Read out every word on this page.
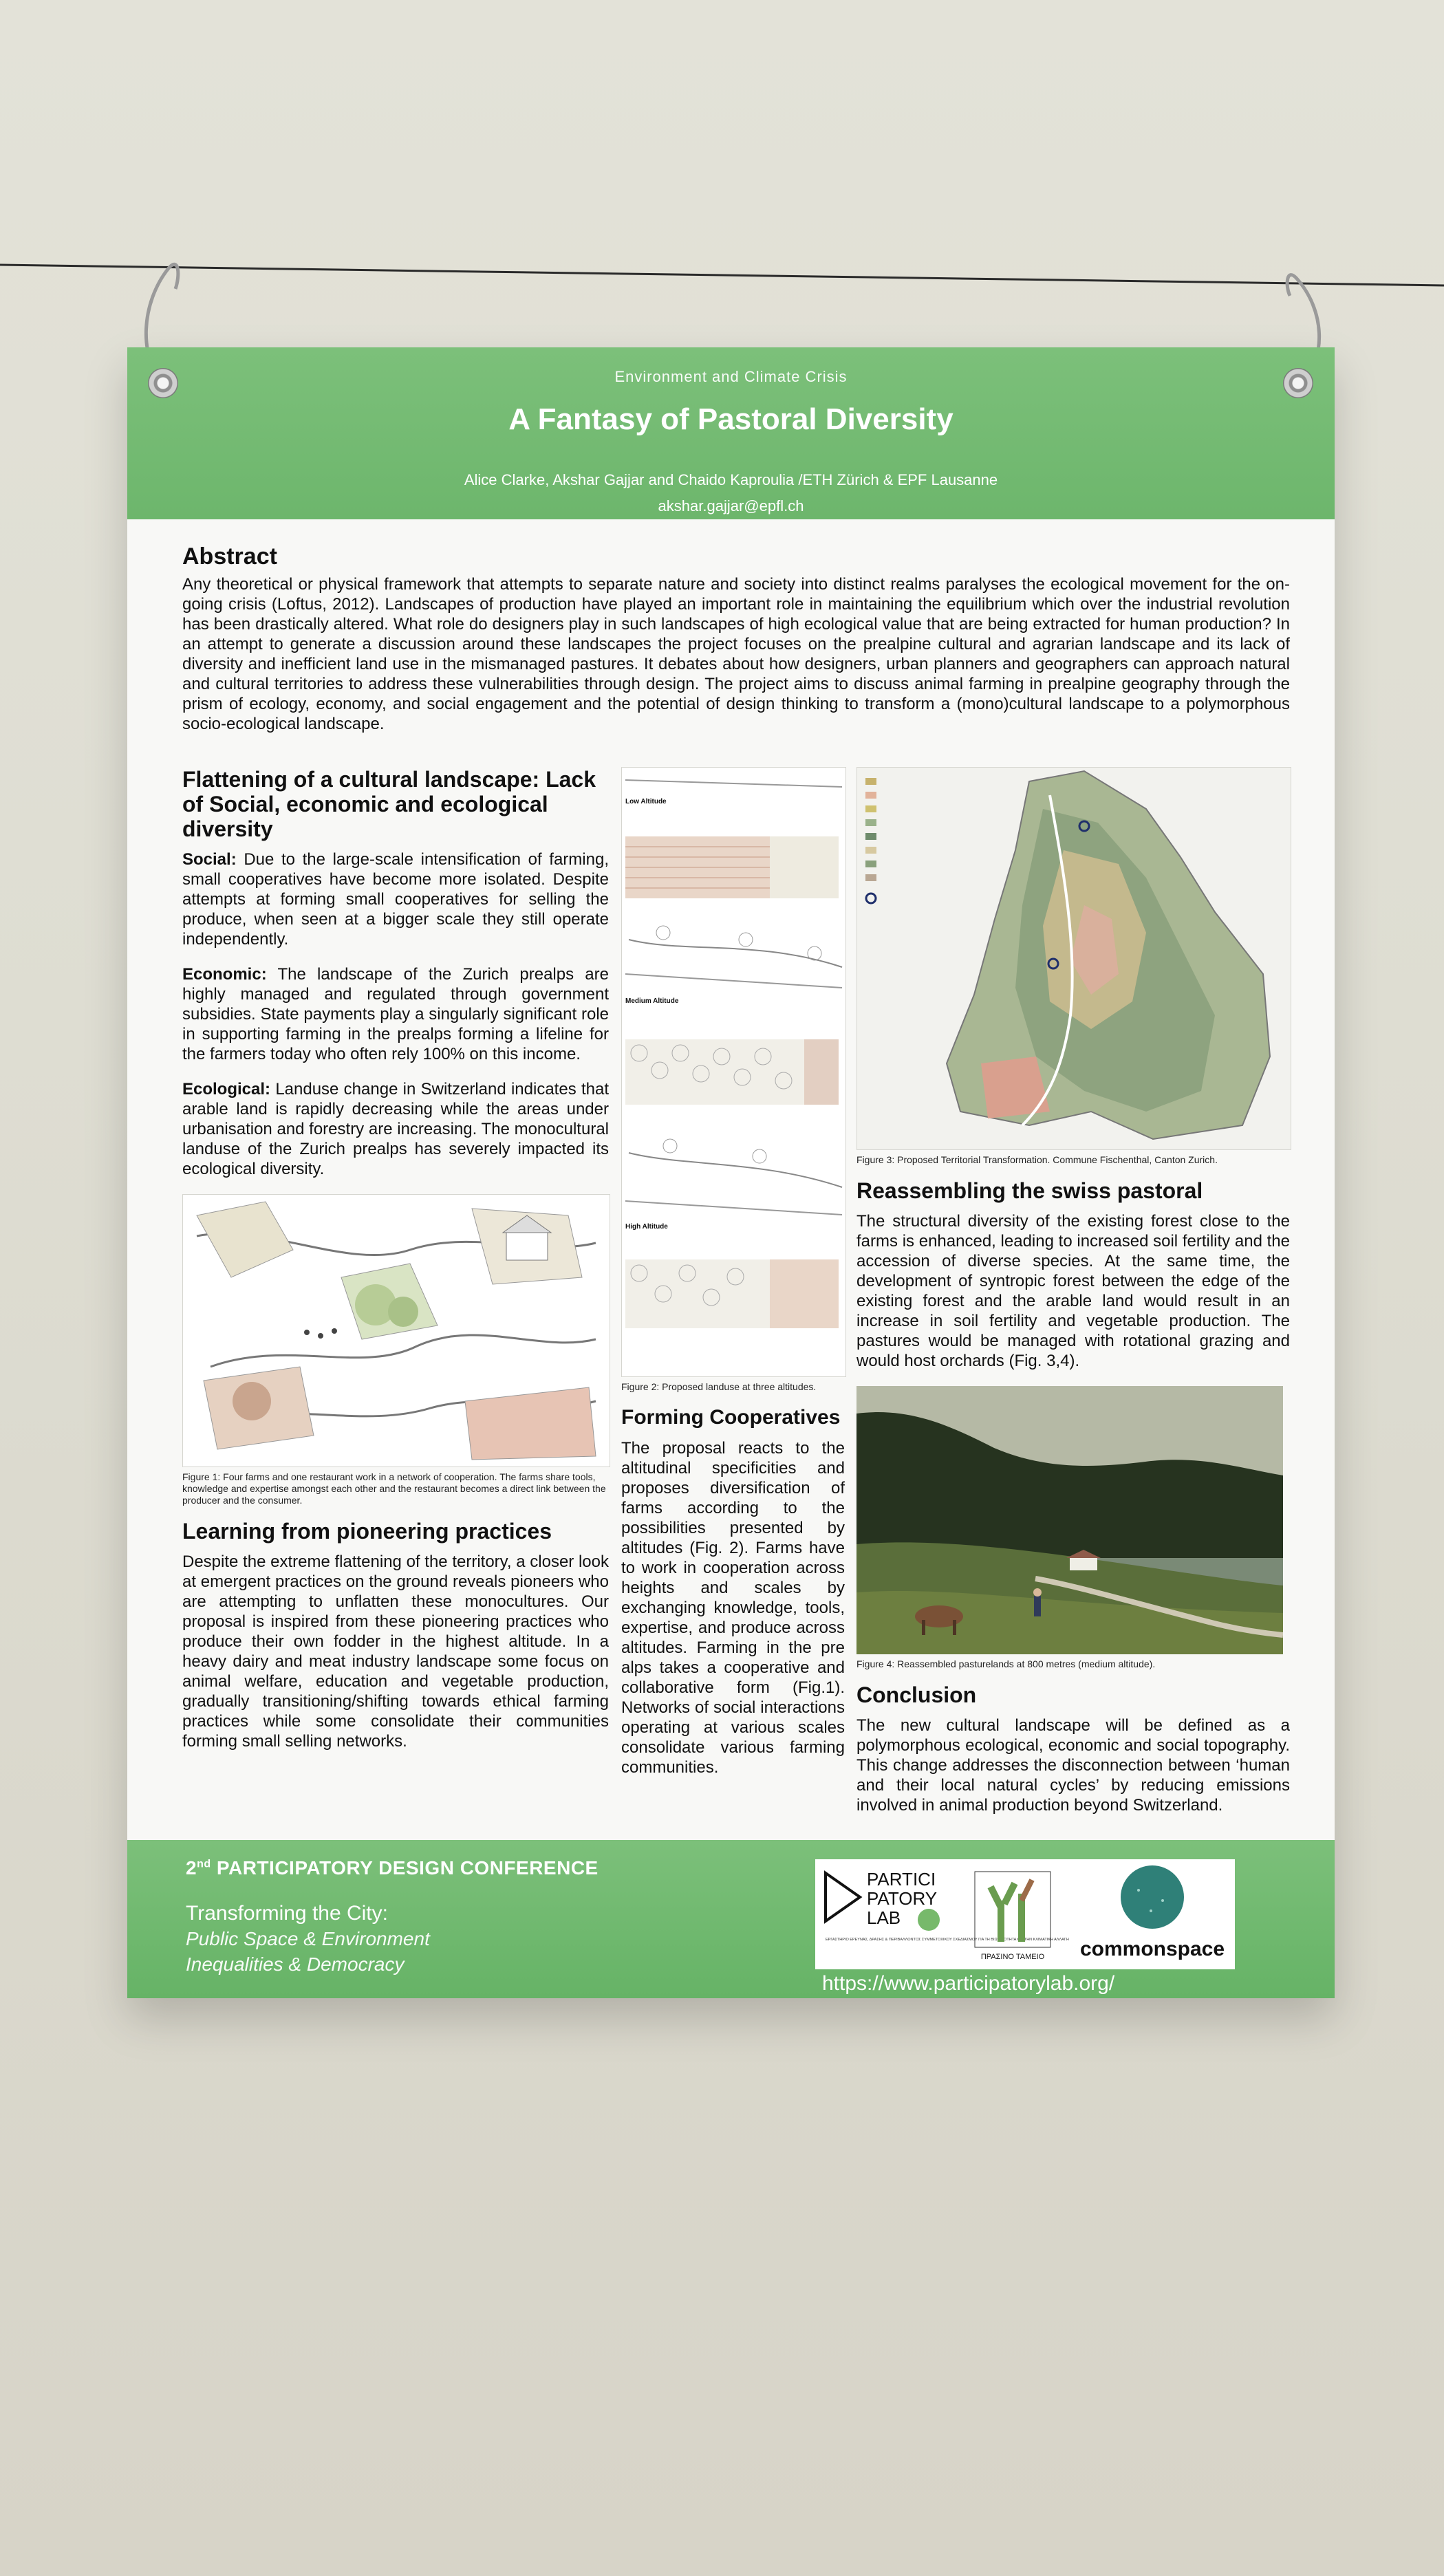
Environment and Climate Crisis
A Fantasy of Pastoral Diversity
Alice Clarke, Akshar Gajjar and Chaido Kaproulia /ETH Zürich & EPF Lausanne
akshar.gajjar@epfl.ch
Abstract
Any theoretical or physical framework that attempts to separate nature and society into distinct realms paralyses the ecological movement for the on-going crisis (Loftus, 2012). Landscapes of production have played an important role in maintaining the equilibrium which over the industrial revolution has been drastically altered. What role do designers play in such landscapes of high ecological value that are being extracted for human production? In an attempt to generate a discussion around these landscapes the project focuses on the prealpine cultural and agrarian landscape and its lack of diversity and inefficient land use in the mismanaged pastures. It debates about how designers, urban planners and geographers can approach natural and cultural territories to address these vulnerabilities through design. The project aims to discuss animal farming in prealpine geography through the prism of ecology, economy, and social engagement and the potential of design thinking to transform a (mono)cultural landscape to a polymorphous socio-ecological landscape.
Flattening of a cultural landscape: Lack of Social, economic and ecological diversity
Social: Due to the large-scale intensification of farming, small cooperatives have become more isolated. Despite attempts at forming small cooperatives for selling the produce, when seen at a bigger scale they still operate independently.
Economic: The landscape of the Zurich prealps are highly managed and regulated through government subsidies. State payments play a singularly significant role in supporting farming in the prealps forming a lifeline for the farmers today who often rely 100% on this income.
Ecological: Landuse change in Switzerland indicates that arable land is rapidly decreasing while the areas under urbanisation and forestry are increasing. The monocultural landuse of the Zurich prealps has severely impacted its ecological diversity.
Figure 1: Four farms and one restaurant work in a network of cooperation. The farms share tools, knowledge and expertise amongst each other and the restaurant becomes a direct link between the producer and the consumer.
Learning from pioneering practices
Despite the extreme flattening of the territory, a closer look at emergent practices on the ground reveals pioneers who are attempting to unflatten these monocultures. Our proposal is inspired from these pioneering practices who produce their own fodder in the highest altitude. In a heavy dairy and meat industry landscape some focus on animal welfare, education and vegetable production, gradually transitioning/shifting towards ethical farming practices while some consolidate their communities forming small selling networks.
Low Altitude
Medium Altitude
High Altitude
Figure 2: Proposed landuse at three altitudes.
Forming Cooperatives
The proposal reacts to the altitudinal specificities and proposes diversification of farms according to the possibilities presented by altitudes (Fig. 2). Farms have to work in cooperation across heights and scales by exchanging knowledge, tools, expertise, and produce across altitudes. Farming in the pre alps takes a cooperative and collaborative form (Fig.1). Networks of social interactions operating at various scales consolidate various farming communities.
Figure 3: Proposed Territorial Transformation. Commune Fischenthal, Canton Zurich.
Reassembling the swiss pastoral
The structural diversity of the existing forest close to the farms is enhanced, leading to increased soil fertility and the accession of diverse species. At the same time, the development of syntropic forest between the edge of the existing forest and the arable land would result in an increase in soil fertility and vegetable production. The pastures would be managed with rotational grazing and would host orchards (Fig. 3,4).
Figure 4: Reassembled pasturelands at 800 metres (medium altitude).
Conclusion
The new cultural landscape will be defined as a polymorphous ecological, economic and social topography. This change addresses the disconnection between ‘human and their local natural cycles’ by reducing emissions involved in animal production beyond Switzerland.
2nd PARTICIPATORY DESIGN CONFERENCE
Transforming the City:
Public Space & Environment
Inequalities & Democracy
PARTICI
PATORY
LAB
ΕΡΓΑΣΤΗΡΙΟ ΕΡΕΥΝΑΣ, ΔΡΑΣΗΣ & ΠΕΡΙΒΑΛΛΟΝΤΟΣ ΣΥΜΜΕΤΟΧΙΚΟΥ ΣΧΕΔΙΑΣΜΟΥ ΓΙΑ ΤΗ ΒΙΩΣΙΜΟΤΗΤΑ ΚΑΙ ΤΗΝ ΚΛΙΜΑΤΙΚΗ ΑΛΛΑΓΗ
ΠΡΑΣΙΝΟ ΤΑΜΕΙΟ commonspace
https://www.participatorylab.org/
